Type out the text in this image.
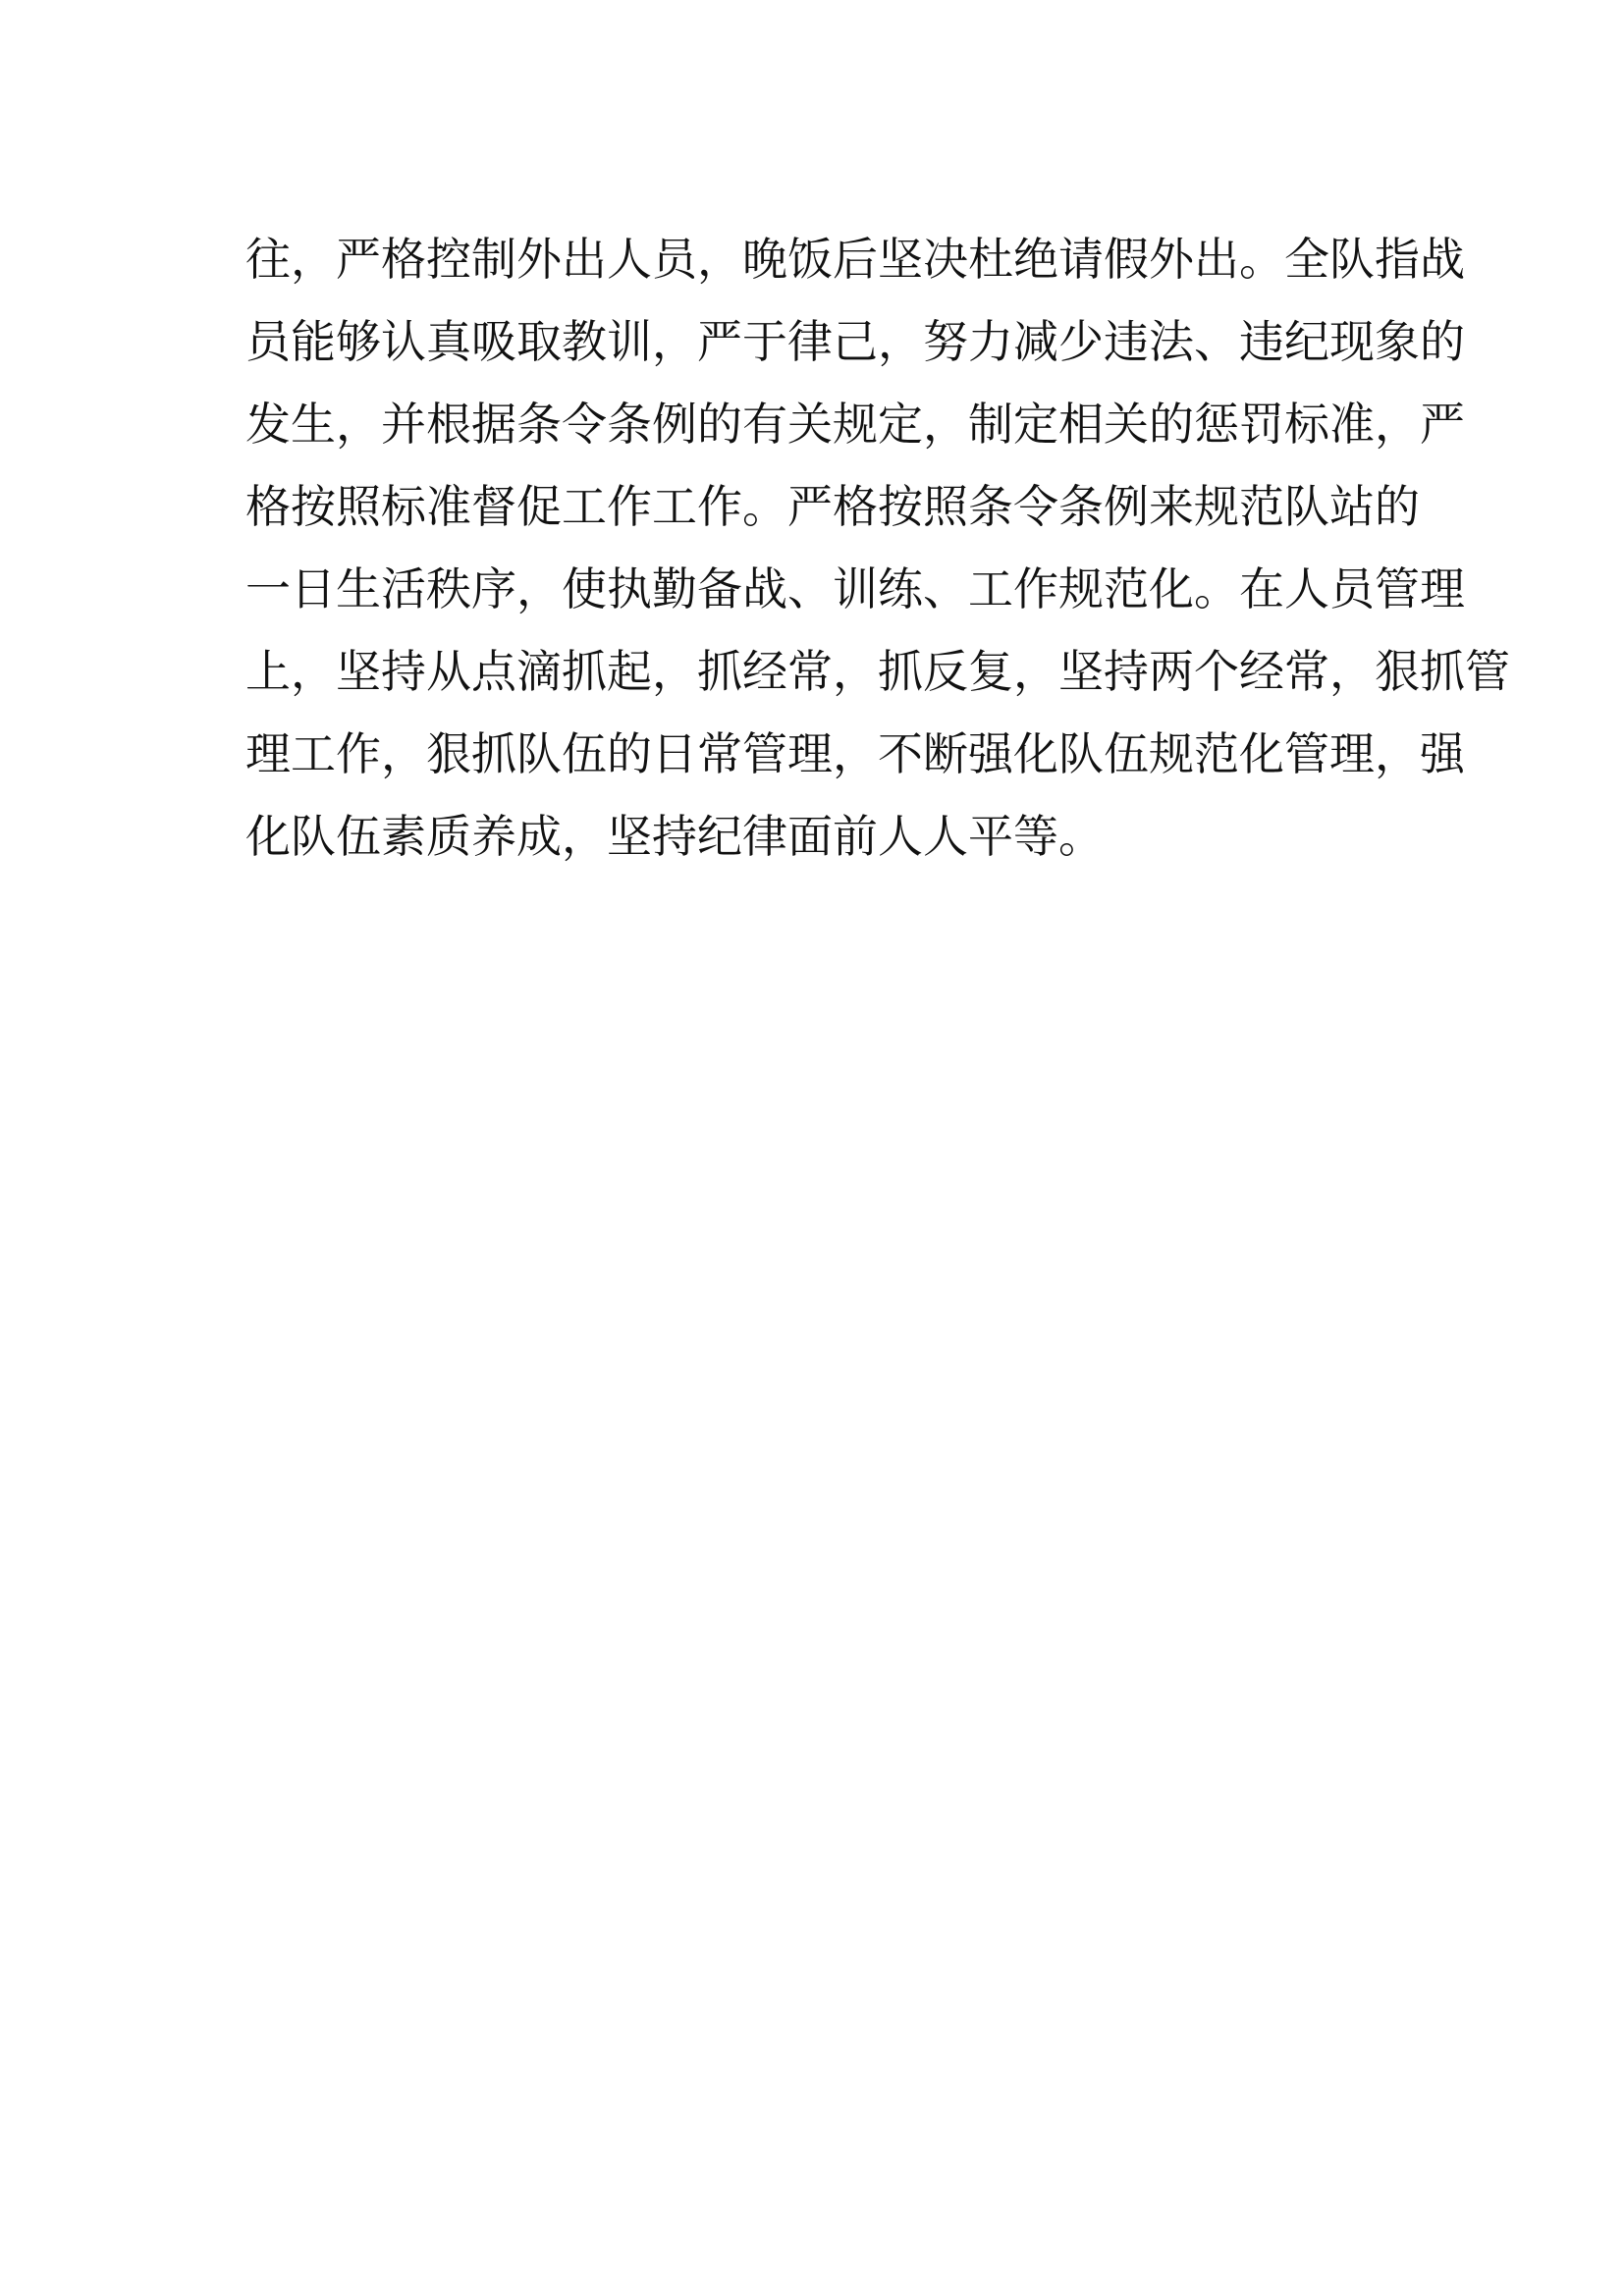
往，严格控制外出人员，晚饭后坚决杜绝请假外出。全队指战
员能够认真吸取教训，严于律己，努力减少违法、违纪现象的
发生，并根据条令条例的有关规定，制定相关的惩罚标准，严
格按照标准督促工作工作。严格按照条令条例来规范队站的
一日生活秩序，使执勤备战、训练、工作规范化。在人员管理
上，坚持从点滴抓起，抓经常，抓反复，坚持两个经常，狠抓管
理工作，狠抓队伍的日常管理，不断强化队伍规范化管理，强
化队伍素质养成，坚持纪律面前人人平等。
